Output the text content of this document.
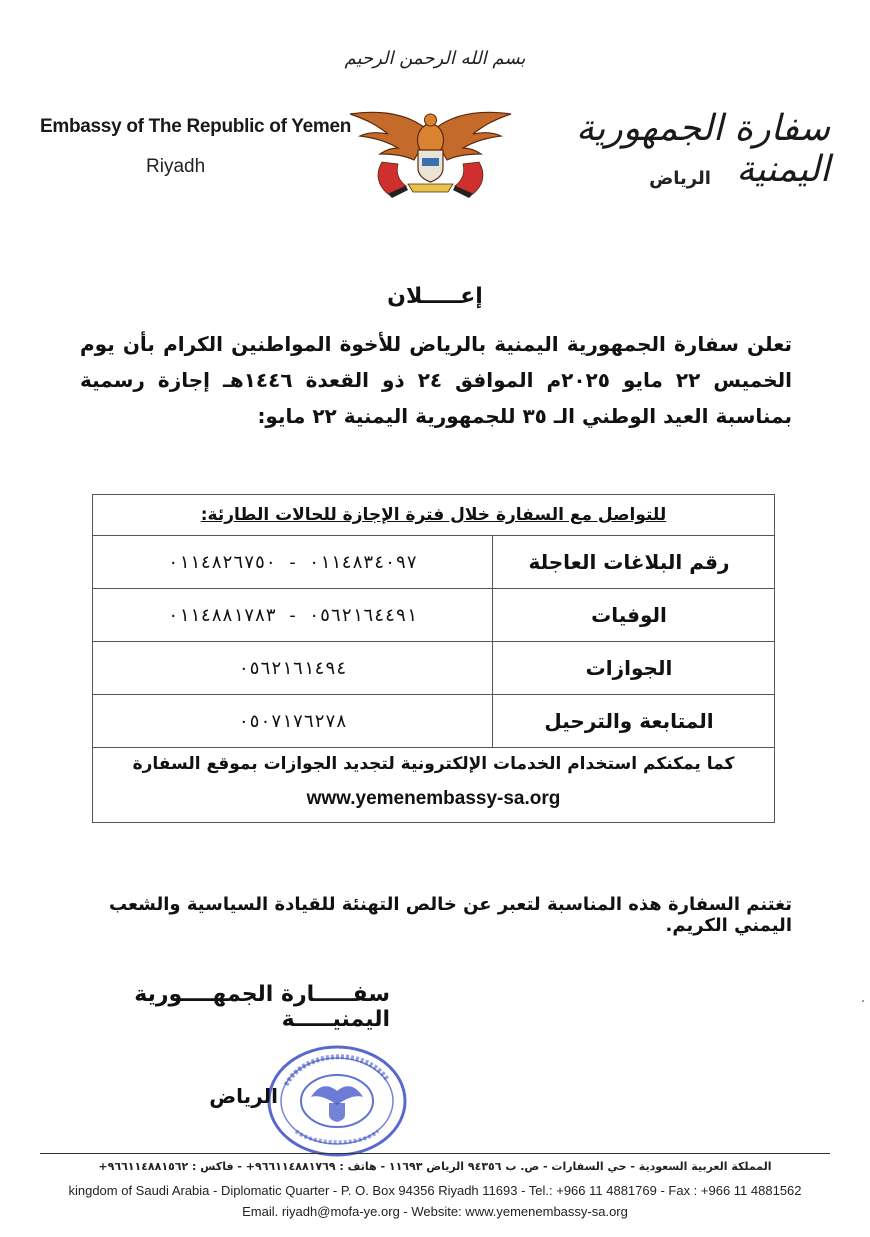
بسم الله الرحمن الرحيم
Embassy of The Republic of Yemen
Riyadh
سفارة الجمهورية اليمنية
الرياض
إعـــــلان
تعلن سفارة الجمهورية اليمنية بالرياض للأخوة المواطنين الكرام بأن يوم الخميس ٢٢ مايو ٢٠٢٥م الموافق ٢٤ ذو القعدة ١٤٤٦هـ إجازة رسمية بمناسبة العيد الوطني الـ ٣٥ للجمهورية اليمنية ٢٢ مايو:
للتواصل مع السفارة خلال فترة الإجازة للحالات الطارئة:	
رقم البلاغات العاجلة	٠١١٤٨٣٤٠٩٧ - ٠١١٤٨٢٦٧٥٠
الوفيات	٠٥٦٢١٦٤٤٩١ - ٠١١٤٨٨١٧٨٣
الجوازات	٠٥٦٢١٦١٤٩٤
المتابعة والترحيل	٠٥٠٧١٧٦٢٧٨

كما يمكنكم استخدام الخدمات الإلكترونية لتجديد الجوازات بموقع السفارة
www.yemenembassy-sa.org	
تغتنم السفارة هذه المناسبة لتعبر عن خالص التهنئة للقيادة السياسية والشعب اليمني الكريم.
سفـــــارة الجمهــــورية اليمنيـــــة
الرياض
المملكة العربية السعودية - حي السفارات - ص. ب ٩٤٣٥٦ الرياض ١١٦٩٣ - هاتف : ٩٦٦١١٤٨٨١٧٦٩+ - فاكس : ٩٦٦١١٤٨٨١٥٦٢+
kingdom of Saudi Arabia - Diplomatic Quarter - P. O. Box 94356 Riyadh 11693 - Tel.: +966 11 4881769 - Fax : +966 11 4881562
Email. riyadh@mofa-ye.org - Website: www.yemenembassy-sa.org
